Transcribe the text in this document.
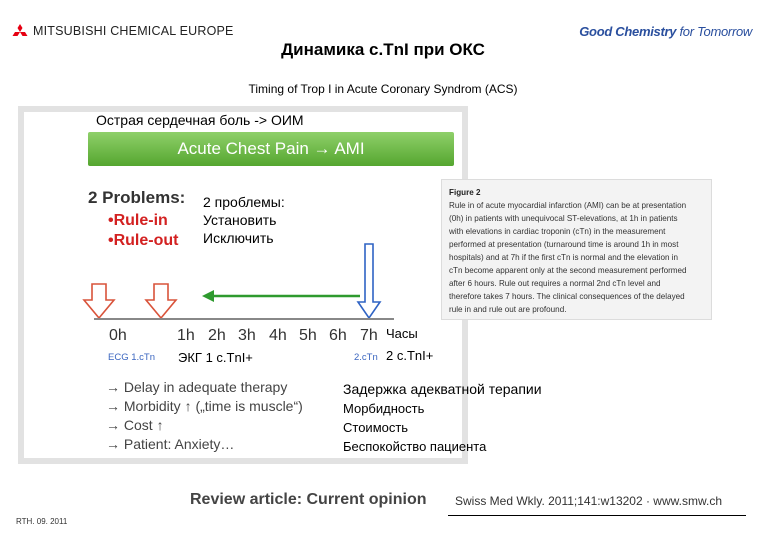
MITSUBISHI CHEMICAL EUROPE	Good Chemistry for Tomorrow
Динамика с.TnI при ОКС
Timing of Trop I in Acute Coronary Syndrom (ACS)
Acute Chest Pain → AMI
Острая сердечная боль -> ОИМ
2 Problems:
•Rule-in
•Rule-out
2 проблемы:
Установить
Исключить
Figure 2
Rule in of acute myocardial infarction (AMI) can be at presentation
(0h) in patients with unequivocal ST-elevations, at 1h in patients
with elevations in cardiac troponin (cTn) in the measurement
performed at presentation (turnaround time is around 1h in most
hospitals) and at 7h if the first cTn is normal and the elevation in
cTn become apparent only at the second measurement performed
after 6 hours. Rule out requires a normal 2nd cTn level and
therefore takes 7 hours. The clinical consequences of the delayed
rule in and rule out are profound.
0h	1h 2h 3h 4h 5h 6h 7h Часы
ECG 1.cTn	2.cTn
ЭКГ 1 с.TnI+	2 с.TnI+
→ Delay in adequate therapy
→ Morbidity ↑ („time is muscle“)
→ Cost ↑
→ Patient: Anxiety…
Задержка адекватной терапии
Морбидность
Стоимость
Беспокойство пациента
Review article: Current opinion Swiss Med Wkly. 2011;141:w13202 · www.smw.ch
RTH. 09. 2011
